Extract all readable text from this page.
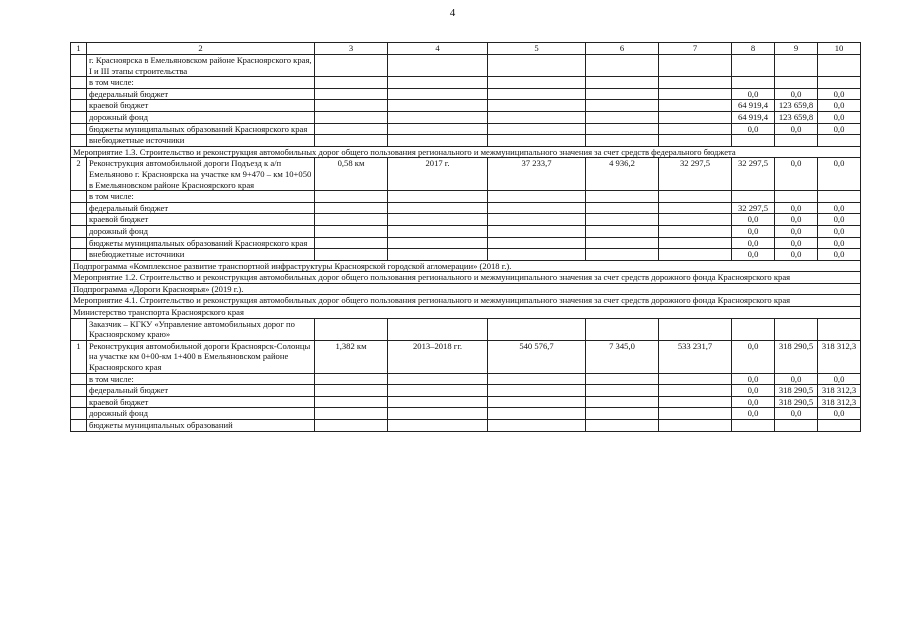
4
1	2	3	4	5	6	7	8	9	10
	г. Красноярска в Емельяновском районе Красноярского края, I и III этапы строительства								
	в том числе:								
	федеральный бюджет						0,0	0,0	0,0
	краевой бюджет						64 919,4	123 659,8	0,0
	дорожный фонд						64 919,4	123 659,8	0,0
	бюджеты муниципальных образований Красноярского края						0,0	0,0	0,0
	внебюджетные источники								
Мероприятие 1.3. Строительство и реконструкция автомобильных дорог общего пользования регионального и межмуниципального значения за счет средств федерального бюджета									
2	Реконструкция автомобильной дороги Подъезд к а/п Емельяново г. Красноярска на участке км 9+470 – км 10+050 в Емельяновском районе Красноярского края	0,58 км	2017 г.	37 233,7	4 936,2	32 297,5	32 297,5	0,0	0,0
	в том числе:								
	федеральный бюджет						32 297,5	0,0	0,0
	краевой бюджет						0,0	0,0	0,0
	дорожный фонд						0,0	0,0	0,0
	бюджеты муниципальных образований Красноярского края						0,0	0,0	0,0
	внебюджетные источники						0,0	0,0	0,0
Подпрограмма «Комплексное развитие транспортной инфраструктуры Красноярской городской агломерации» (2018 г.).									
Мероприятие 1.2. Строительство и реконструкция автомобильных дорог общего пользования регионального и межмуниципального значения за счет средств дорожного фонда Красноярского края									
Подпрограмма «Дороги Красноярья» (2019 г.).									
Мероприятие 4.1. Строительство и реконструкция автомобильных дорог общего пользования регионального и межмуниципального значения за счет средств дорожного фонда Красноярского края									
Министерство транспорта Красноярского края									
	Заказчик – КГКУ «Управление автомобильных дорог по Красноярскому краю»								
1	Реконструкция автомобильной дороги Красноярск-Солонцы на участке км 0+00-км 1+400 в Емельяновском районе Красноярского края	1,382 км	2013–2018 гг.	540 576,7	7 345,0	533 231,7	0,0	318 290,5	318 312,3
	в том числе:						0,0	0,0	0,0
	федеральный бюджет						0,0	318 290,5	318 312,3
	краевой бюджет						0,0	318 290,5	318 312,3
	дорожный фонд						0,0	0,0	0,0
	бюджеты муниципальных образований								
